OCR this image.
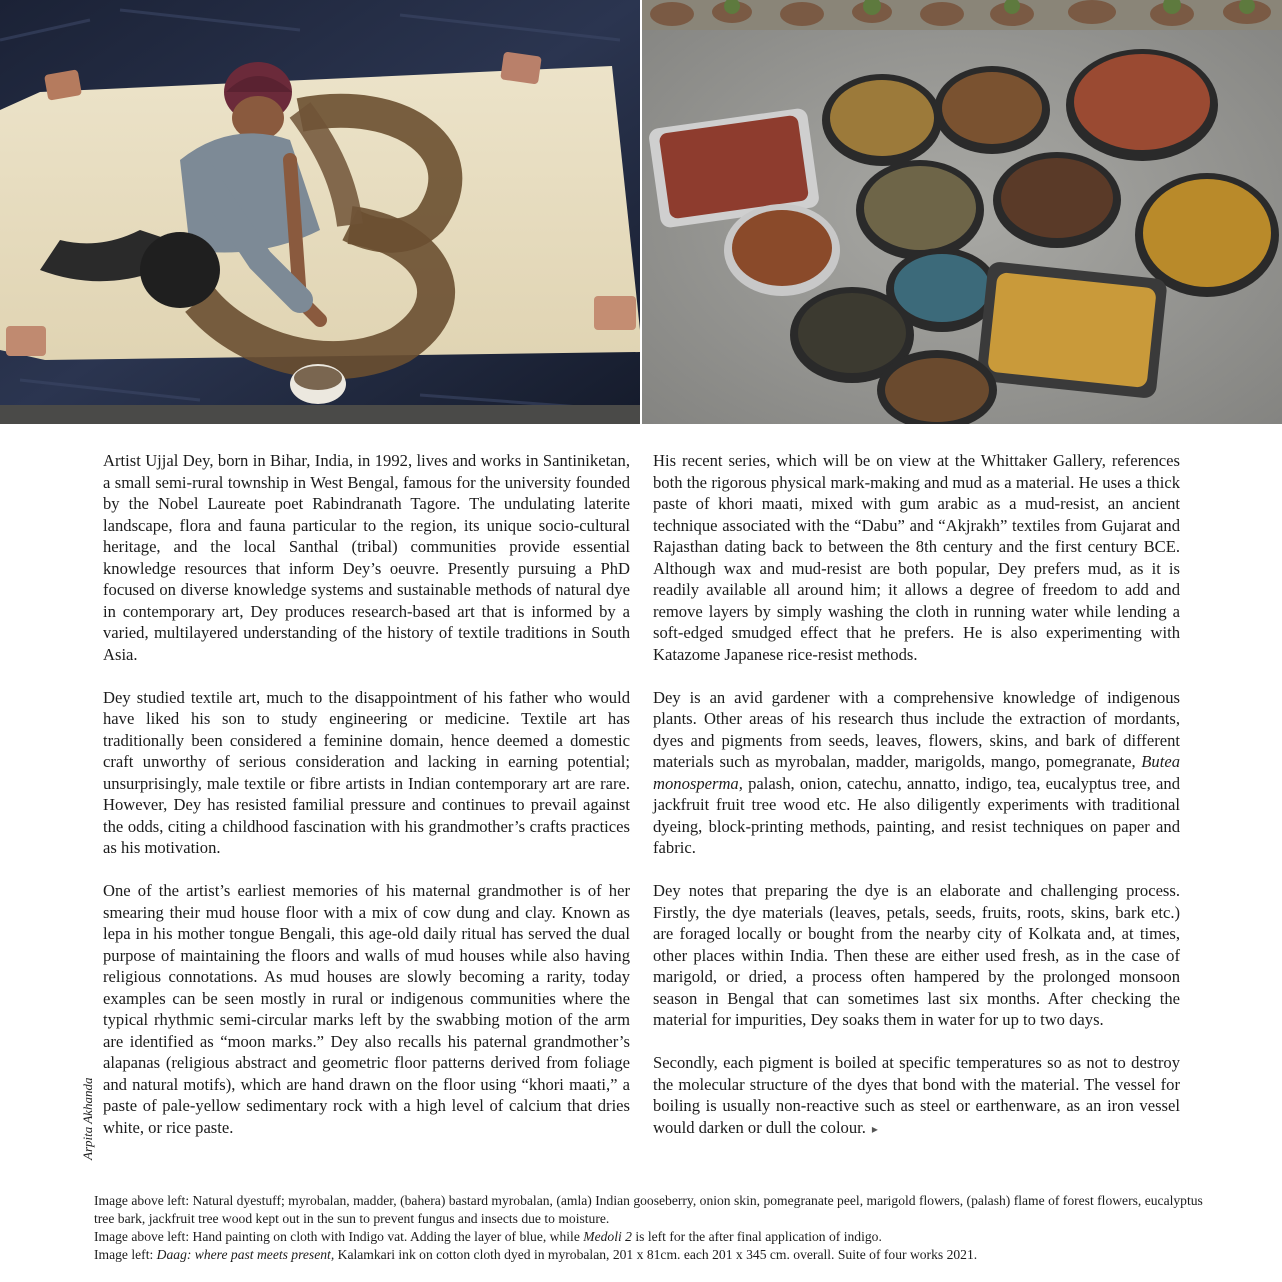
Artist Ujjal Dey, born in Bihar, India, in 1992, lives and works in Santiniketan, a small semi-rural township in West Bengal, famous for the university founded by the Nobel Laureate poet Rabindranath Tagore. The undulating laterite landscape, flora and fauna particular to the region, its unique socio-cultural heritage, and the local Santhal (tribal) communities provide essential knowledge resources that inform Dey’s oeuvre. Presently pursuing a PhD focused on diverse knowledge systems and sustainable methods of natural dye in contemporary art, Dey produces research-based art that is informed by a varied, multilayered understanding of the history of textile traditions in South Asia.

Dey studied textile art, much to the disappointment of his father who would have liked his son to study engineering or medicine. Textile art has traditionally been considered a feminine domain, hence deemed a domestic craft unworthy of serious consideration and lacking in earning potential; unsurprisingly, male textile or fibre artists in Indian contemporary art are rare. However, Dey has resisted familial pressure and continues to prevail against the odds, citing a childhood fascination with his grandmother’s crafts practices as his motivation.

One of the artist’s earliest memories of his maternal grandmother is of her smearing their mud house floor with a mix of cow dung and clay. Known as lepa in his mother tongue Bengali, this age-old daily ritual has served the dual purpose of maintaining the floors and walls of mud houses while also having religious connotations. As mud houses are slowly becoming a rarity, today examples can be seen mostly in rural or indigenous communities where the typical rhythmic semi-circular marks left by the swabbing motion of the arm are identified as “moon marks.” Dey also recalls his paternal grandmother’s alapanas (religious abstract and geometric floor patterns derived from foliage and natural motifs), which are hand drawn on the floor using “khori maati,” a paste of pale-yellow sedimentary rock with a high level of calcium that dries white, or rice paste.

His recent series, which will be on view at the Whittaker Gallery, references both the rigorous physical mark-making and mud as a material. He uses a thick paste of khori maati, mixed with gum arabic as a mud-resist, an ancient technique associated with the “Dabu” and “Akjrakh” textiles from Gujarat and Rajasthan dating back to between the 8th century and the first century BCE. Although wax and mud-resist are both popular, Dey prefers mud, as it is readily available all around him; it allows a degree of freedom to add and remove layers by simply washing the cloth in running water while lending a soft-edged smudged effect that he prefers. He is also experimenting with Katazome Japanese rice-resist methods.

Dey is an avid gardener with a comprehensive knowledge of indigenous plants. Other areas of his research thus include the extraction of mordants, dyes and pigments from seeds, leaves, flowers, skins, and bark of different materials such as myrobalan, madder, marigolds, mango, pomegranate, Butea monosperma, palash, onion, catechu, annatto, indigo, tea, eucalyptus tree, and jackfruit fruit tree wood etc. He also diligently experiments with traditional dyeing, block-printing methods, painting, and resist techniques on paper and fabric.

Dey notes that preparing the dye is an elaborate and challenging process. Firstly, the dye materials (leaves, petals, seeds, fruits, roots, skins, bark etc.) are foraged locally or bought from the nearby city of Kolkata and, at times, other places within India. Then these are either used fresh, as in the case of marigold, or dried, a process often hampered by the prolonged monsoon season in Bengal that can sometimes last six months. After checking the material for impurities, Dey soaks them in water for up to two days.

Secondly, each pigment is boiled at specific temperatures so as not to destroy the molecular structure of the dyes that bond with the material. The vessel for boiling is usually non-reactive such as steel or earthenware, as an iron vessel would darken or dull the colour. ▸

Arpita Akhanda

Image above left: Natural dyestuff; myrobalan, madder, (bahera) bastard myrobalan, (amla) Indian gooseberry, onion skin, pomegranate peel, marigold flowers, (palash) flame of forest flowers, eucalyptus tree bark, jackfruit tree wood kept out in the sun to prevent fungus and insects due to moisture.

Image above left: Hand painting on cloth with Indigo vat. Adding the layer of blue, while Medoli 2 is left for the after final application of indigo.

Image left: Daag: where past meets present, Kalamkari ink on cotton cloth dyed in myrobalan, 201 x 81cm. each 201 x 345 cm. overall. Suite of four works 2021.
